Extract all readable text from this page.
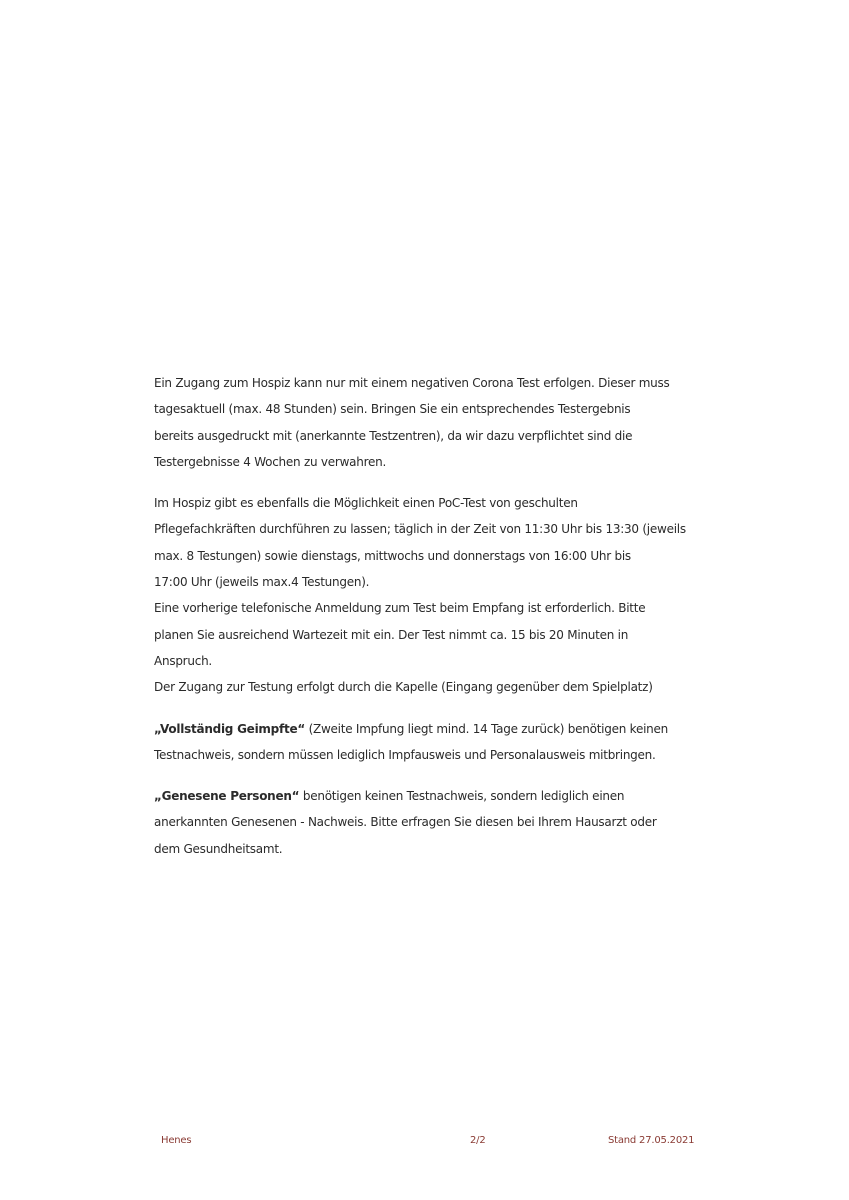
Ein Zugang zum Hospiz kann nur mit einem negativen Corona Test erfolgen. Dieser muss
tagesaktuell (max. 48 Stunden) sein. Bringen Sie ein entsprechendes Testergebnis
bereits ausgedruckt mit (anerkannte Testzentren), da wir dazu verpflichtet sind die
Testergebnisse 4 Wochen zu verwahren.

Im Hospiz gibt es ebenfalls die Möglichkeit einen PoC-Test von geschulten
Pflegefachkräften durchführen zu lassen; täglich in der Zeit von 11:30 Uhr bis 13:30 (jeweils
max. 8 Testungen) sowie dienstags, mittwochs und donnerstags von 16:00 Uhr bis
17:00 Uhr (jeweils max.4 Testungen).
Eine vorherige telefonische Anmeldung zum Test beim Empfang ist erforderlich. Bitte
planen Sie ausreichend Wartezeit mit ein. Der Test nimmt ca. 15 bis 20 Minuten in
Anspruch.
Der Zugang zur Testung erfolgt durch die Kapelle (Eingang gegenüber dem Spielplatz)

„Vollständig Geimpfte“ (Zweite Impfung liegt mind. 14 Tage zurück) benötigen keinen
Testnachweis, sondern müssen lediglich Impfausweis und Personalausweis mitbringen.

„Genesene Personen“ benötigen keinen Testnachweis, sondern lediglich einen
anerkannten Genesenen - Nachweis. Bitte erfragen Sie diesen bei Ihrem Hausarzt oder
dem Gesundheitsamt.

Henes	2/2	Stand 27.05.2021
